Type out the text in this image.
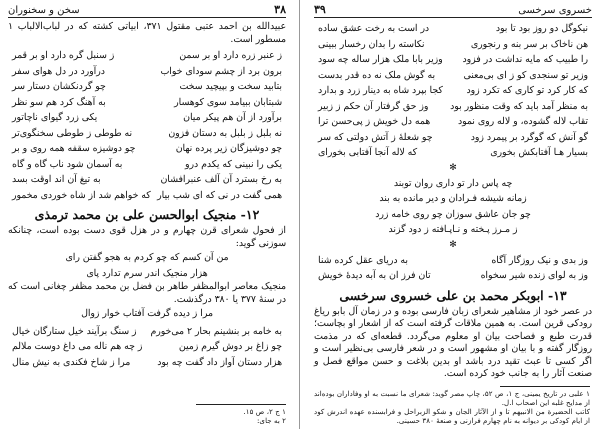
۳۸
سخن و سخنوران

عبیدالله بن احمد عتبی مقتول ۳۷۱، ابیاتی کشته که در لباب‌الالباب ۱ مسطور است.

ز عنبر زره دارد او بر سمن
ز سنبل گره دارد او بر قمر
برون برد از چشم سودای خواب
درآورد در دل هوای سفر
بتابید سخت و بپیچید سخت
چو گردنکشان دستار سر
شبتابان ببیامد سوی کوهسار
به آهنگ کرد هم سو نظر
برآورد از آن هم پیکر میان
یکی زرد گیوای ناچاتور
نه بلبل ز بلبل به دستان فزون
نه طوطی ز طوطی سخنگوی‌تر
چو دوشیزگان زیر پرده نهان
چو دوشیزه سقفه همه روی و بر
یکی را نبینی که یکدم درو
به آسمان شود ناب گاه و گاه
به رخ بسترد آن آلف عنبرافشان
به تیغ آن اند اوقت بسد
همی گفت در نی که ای شب بیار
که خواهم شد از شاه خوردی مخمور
۱۲- منجیک ابوالحسن علی بن محمد ترمذی

از فحول شعرای قرن چهارم و در هزل قوی دست بوده است، چنانکه سوزنی گوید:

من آن کسم که چو کردم به هجو گفتن رای
هزار منجیک اندر سرم تدارد پای

منجیک معاصر ابوالمظفر طاهر بن فضل بن محمد مظفر چغانی است که در سنهٔ ۳۷۷ یا ۳۸۰ درگذشت.

مرا ز دیده گرفت آفتاب خوار زوال
به خامه بر بنشینم بحار ۲ می‌خورم
ز سنگ برآیند خیل ستارگان خیال
چو زاغ بر دوش گیرم زمین
ز چه هم ناله می داغ دوست ملالم
هزار دستان آواز داد گفت چه بود
مرا ز شاخ فکندی به نیش منال

۱ ج ۲، ص ۱۵.

۲ به جای:

خسروی سرخسی
۳۹
نیکوگل دو روز بود تا بود
در است به رخت عشق ساده
هن ناخاک بر سر بنه و رنجوری
نکاسته را بدان رخسار ببینی
را طبیب که مایه نداشت در فزود
وزیر بابا ملک هزار ساله چه سود
وزیر تو سنجدی کو ز ای بی‌معنی
به گوش ملک نه ده قدر بدست
که کار کرد تو کاری که تکرد زود
کجا بپرد شاه به دینار زرد و بدارد
به منظر آمد باید که وقت منظور بود
وز حق گرفتار آن حکم ز زبیر
تقاب لاله گشوده، و لاله روی نمود
همه دل خویش ز پی‌حسن ترا
گو آنش که گوگرد بر پیمرد زود
چو شعلهٔ ز آتش دولتی که سر
بسیار هـا آفتابکش بخوری
که لاله آنجا آفتابی بخورای
✻
چه پاس دار تو داری روان توبند
زمانه شیشه فـرادان و دیر مانده به بند
چو جان عاشق سوزان چو روی خامه زرد
ز مـرز پـخته و نـاپـافته ز دود گزند
✻
وز بدی و نیک روزگار آگاه
به دریای عقل کرده شنا
وز به لوای زنده شیر سخواه
تان فرز ان به آبه دیدهٔ خویش
۱۳- ابوبکر محمد بن علی خسروی سرخسی

در عصر خود از مشاهیر شعرای زبان فارسی بوده و در زمان آل بابو ریاغ رودکی قرین است. به همین ملاقات گرفته است که از اشعار او بچاست؛ قدرت طبع و فصاحت بیان او معلوم می‌گردد. قطعه‌ای که در مذمت روزگار گفته و با بیان او مشهور است و در شعر فارسی بی‌نظیر است و اگر کسی تا عبث تقید درد باشد او بدین بلاغت و حسن مواقع فصل و صنعت آثار را به جانب خود کرده است.

۱ علبی در تاریخ یمینی، ج ۱، ص ۵۲، چاپ مصر گوید: شعرای ما نسبت به او وفاداران بوده‌اند از مدایح غلبه این اصحاب ا.ل.

کاتب الحضیرة من الانبیهم تا و از الآثار الجان و شکو الزبراحل و فرابسنده عهده اندرش کود از ایام کودکی بر دیوانه به نام چهارم فرازنی و صنعۀ ۳۸۰ حسینی.
